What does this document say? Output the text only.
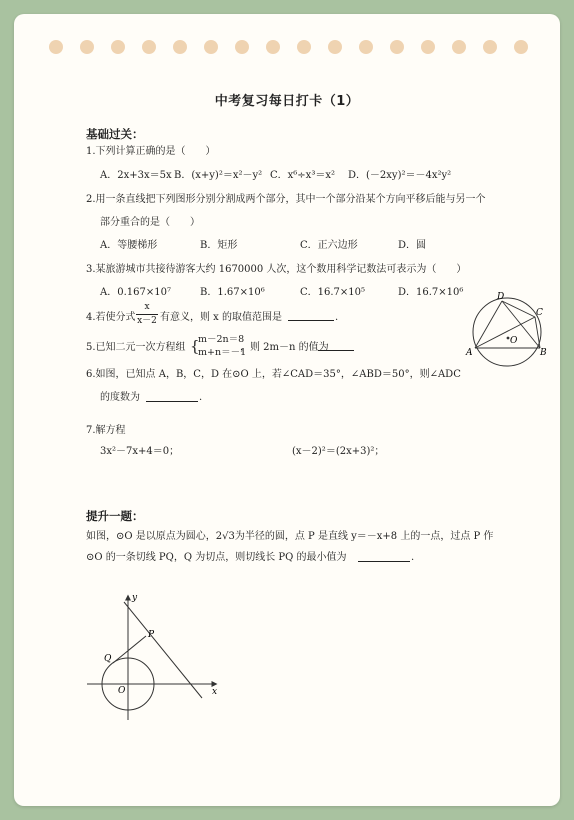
中考复习每日打卡（1）
基础过关：
1.下列计算正确的是（　　）
A．2x+3x＝5x B．(x+y)²＝x²－y² C．x⁶÷x³＝x² D．(－2xy)²＝－4x²y²
2.用一条直线把下列图形分别分割成两个部分，其中一个部分沿某个方向平移后能与另一个
部分重合的是（　　）
A．等腰梯形	B．矩形	C．正六边形	D．圆
3.某旅游城市共接待游客大约 1670000 人次，这个数用科学记数法可表示为（　　）
A．0.167×10⁷	B．1.67×10⁶	C．16.7×10⁵	D．16.7×10⁶
4.若使分式
x
x－2 有意义，则 x 的取值范围是	.
5.已知二元一次方程组 {
m－2n＝8
m+n＝－1
，则 2m－n 的值为
6.如图，已知点 A，B，C，D 在⊙O 上，若∠CAD＝35°，∠ABD＝50°，则∠ADC
的度数为	.
A	B
C
D
O
7.解方程
3x²－7x+4＝0；	(x－2)²＝(2x+3)²；
提升一题：
如图，⊙O 是以原点为圆心，2√3为半径的圆，点 P 是直线 y＝－x+8 上的一点，过点 P 作
⊙O 的一条切线 PQ，Q 为切点，则切线长 PQ 的最小值为	.
y
x
P
Q
O
